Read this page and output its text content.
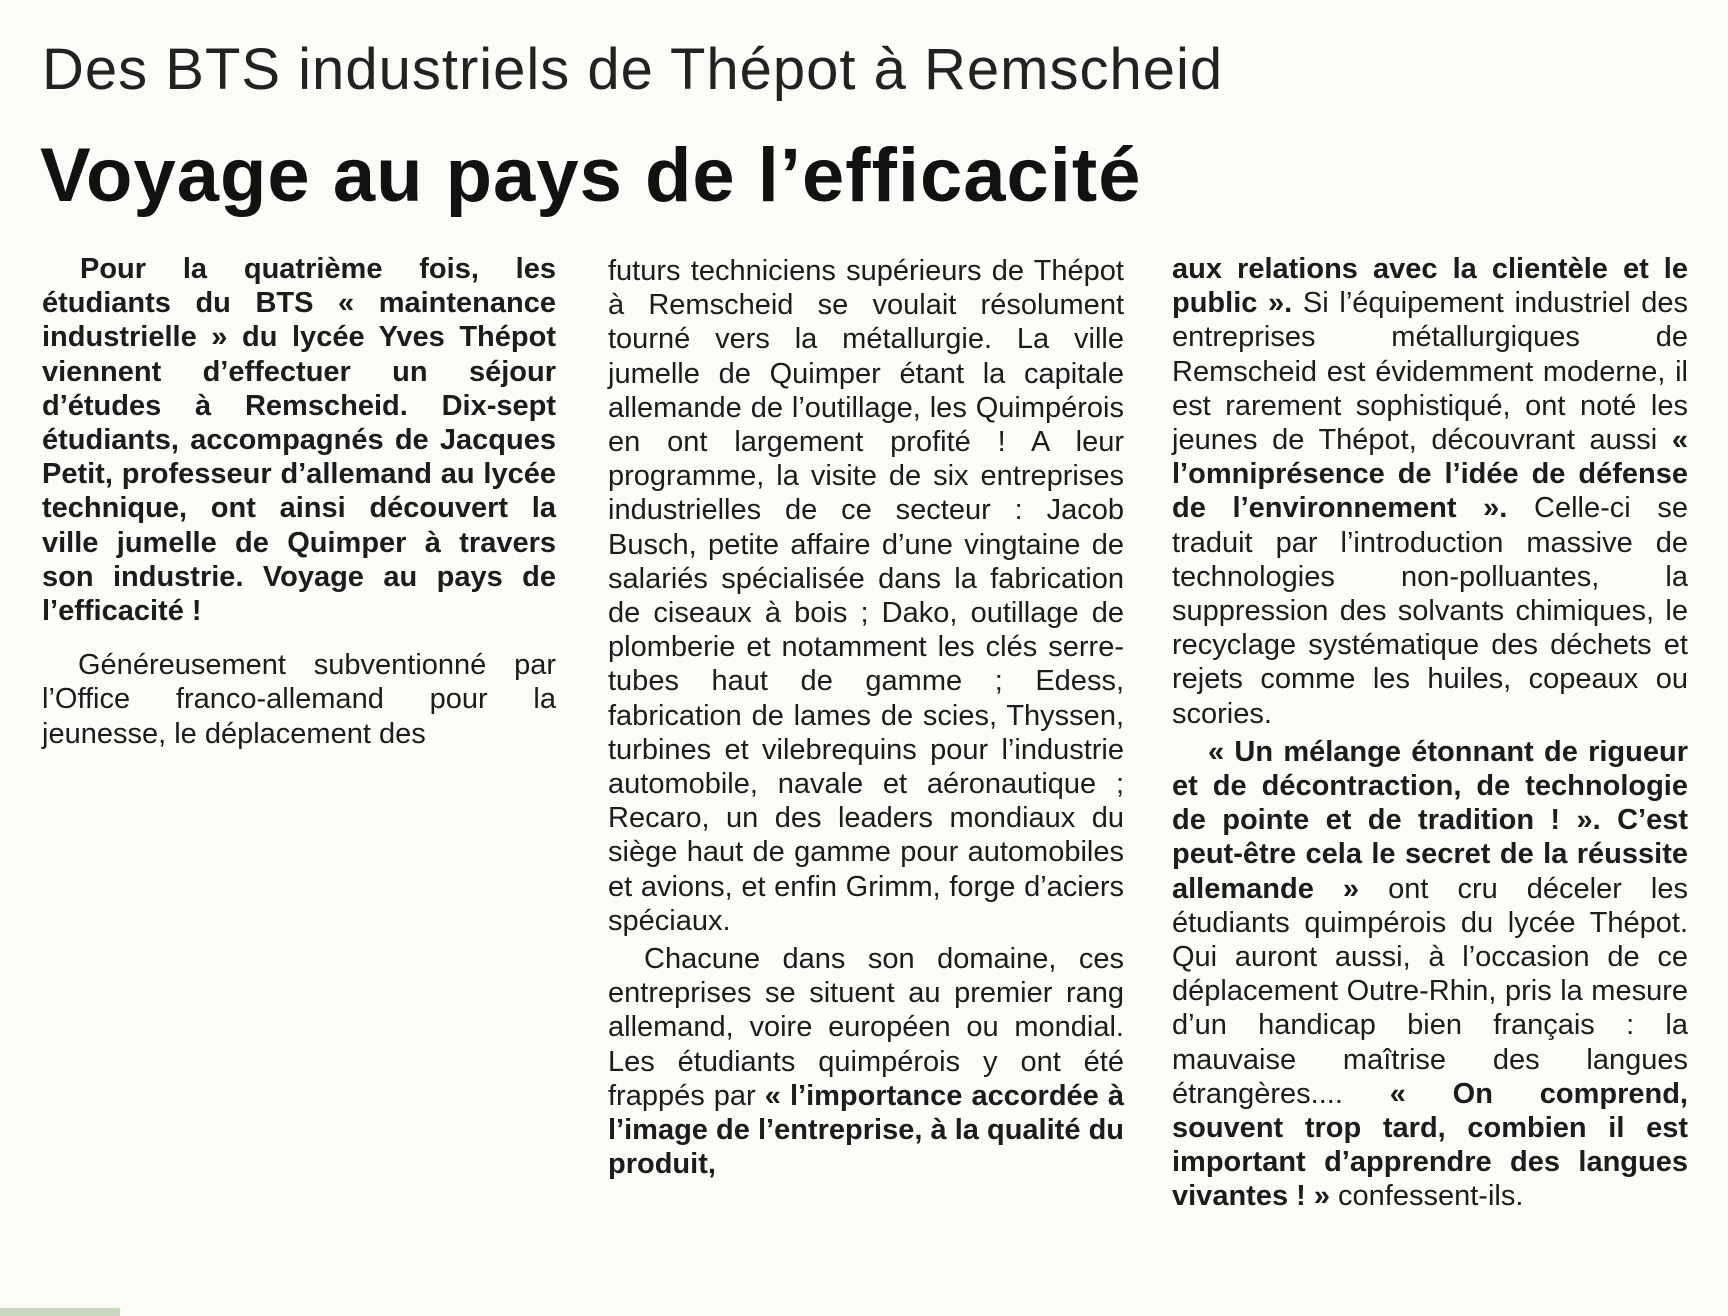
Des BTS industriels de Thépot à Remscheid
Voyage au pays de l’efficacité

Pour la quatrième fois, les étudiants du BTS « maintenance industrielle » du lycée Yves Thépot viennent d’effectuer un séjour d’études à Remscheid. Dix-sept étudiants, accompagnés de Jacques Petit, professeur d’allemand au lycée technique, ont ainsi découvert la ville jumelle de Quimper à travers son industrie. Voyage au pays de l’efficacité !

Généreusement subventionné par l’Office franco-allemand pour la jeunesse, le déplacement des

futurs techniciens supérieurs de Thépot à Remscheid se voulait résolument tourné vers la métallurgie. La ville jumelle de Quimper étant la capitale allemande de l’outillage, les Quimpérois en ont largement profité ! A leur programme, la visite de six entreprises industrielles de ce secteur : Jacob Busch, petite affaire d’une vingtaine de salariés spécialisée dans la fabrication de ciseaux à bois ; Dako, outillage de plomberie et notamment les clés serre-tubes haut de gamme ; Edess, fabrication de lames de scies, Thyssen, turbines et vilebrequins pour l’industrie automobile, navale et aéronautique ; Recaro, un des leaders mondiaux du siège haut de gamme pour automobiles et avions, et enfin Grimm, forge d’aciers spéciaux.

Chacune dans son domaine, ces entreprises se situent au premier rang allemand, voire européen ou mondial. Les étudiants quimpérois y ont été frappés par « l’importance accordée à l’image de l’entreprise, à la qualité du produit,

aux relations avec la clientèle et le public ». Si l’équipement industriel des entreprises métallurgiques de Remscheid est évidemment moderne, il est rarement sophistiqué, ont noté les jeunes de Thépot, découvrant aussi « l’omniprésence de l’idée de défense de l’environnement ». Celle-ci se traduit par l’introduction massive de technologies non-polluantes, la suppression des solvants chimiques, le recyclage systématique des déchets et rejets comme les huiles, copeaux ou scories.

« Un mélange étonnant de rigueur et de décontraction, de technologie de pointe et de tradition ! ». C’est peut-être cela le secret de la réussite allemande » ont cru déceler les étudiants quimpérois du lycée Thépot. Qui auront aussi, à l’occasion de ce déplacement Outre-Rhin, pris la mesure d’un handicap bien français : la mauvaise maîtrise des langues étrangères.... « On comprend, souvent trop tard, combien il est important d’apprendre des langues vivantes ! » confessent-ils.
